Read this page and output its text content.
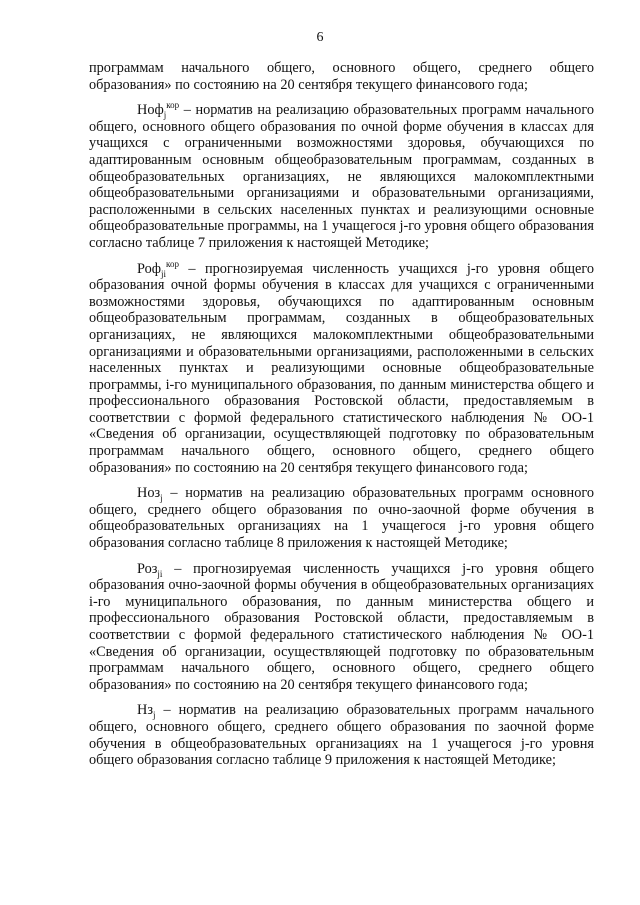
6

программам начального общего, основного общего, среднего общего образования» по состоянию на 20 сентября текущего финансового года;

Ноф$_j^{кор}$ – норматив на реализацию образовательных программ начального общего, основного общего образования по очной форме обучения в классах для учащихся с ограниченными возможностями здоровья, обучающихся по адаптированным основным общеобразовательным программам, созданных в общеобразовательных организациях, не являющихся малокомплектными общеобразовательными организациями и образовательными организациями, расположенными в сельских населенных пунктах и реализующими основные общеобразовательные программы, на 1 учащегося j-го уровня общего образования согласно таблице 7 приложения к настоящей Методике;

Роф$_{ji}^{кор}$ – прогнозируемая численность учащихся j-го уровня общего образования очной формы обучения в классах для учащихся с ограниченными возможностями здоровья, обучающихся по адаптированным основным общеобразовательным программам, созданных в общеобразовательных организациях, не являющихся малокомплектными общеобразовательными организациями и образовательными организациями, расположенными в сельских населенных пунктах и реализующими основные общеобразовательные программы, i-го муниципального образования, по данным министерства общего и профессионального образования Ростовской области, предоставляемым в соответствии с формой федерального статистического наблюдения № ОО-1 «Сведения об организации, осуществляющей подготовку по образовательным программам начального общего, основного общего, среднего общего образования» по состоянию на 20 сентября текущего финансового года;

Ноз$_j$ – норматив на реализацию образовательных программ основного общего, среднего общего образования по очно-заочной форме обучения в общеобразовательных организациях на 1 учащегося j-го уровня общего образования согласно таблице 8 приложения к настоящей Методике;

Роз$_{ji}$ – прогнозируемая численность учащихся j-го уровня общего образования очно-заочной формы обучения в общеобразовательных организациях i-го муниципального образования, по данным министерства общего и профессионального образования Ростовской области, предоставляемым в соответствии с формой федерального статистического наблюдения № ОО-1 «Сведения об организации, осуществляющей подготовку по образовательным программам начального общего, основного общего, среднего общего образования» по состоянию на 20 сентября текущего финансового года;

$Нз_j$ – норматив на реализацию образовательных программ начального общего, основного общего, среднего общего образования по заочной форме обучения в общеобразовательных организациях на 1 учащегося j-го уровня общего образования согласно таблице 9 приложения к настоящей Методике;
